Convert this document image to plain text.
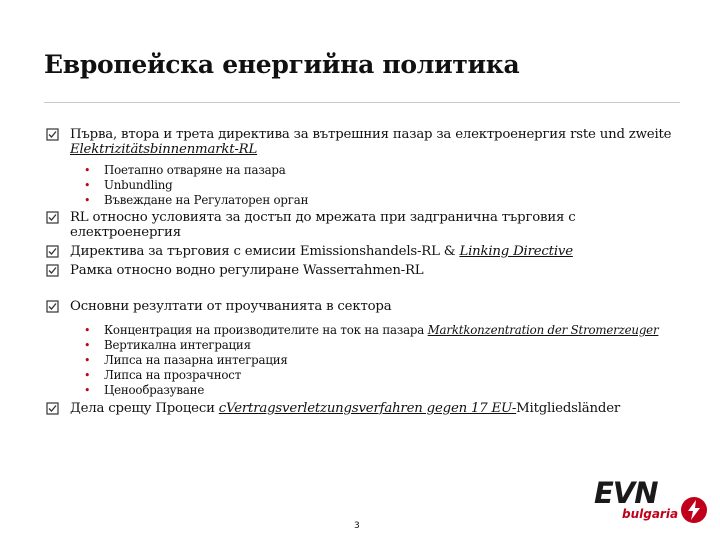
Европейска енергийна политика
Първа, втора и трета директива за вътрешния пазар за електроенергия rste und zweite Elektrizitätsbinnenmarkt-RL
• Поетапно отваряне на пазара
• Unbundling
• Въвеждане на Регулаторен орган
RL относно условията за достъп до мрежата при задгранична търговия с електроенергия
Директива за търговия с емисии Emissionshandels-RL & Linking Directive
Рамка относно водно регулиране Wasserrahmen-RL
Основни резултати от проучванията в сектора
• Концентрация на производителите на ток на пазара Marktkonzentration der Stromerzeuger
• Вертикална интеграция
• Липса на пазарна интеграция
• Липса на прозрачност
• Ценообразуване
Дела срещу Процеси cVertragsverletzungsverfahren gegen 17 EU-Mitgliedsländer
3
EVN
bulgaria
